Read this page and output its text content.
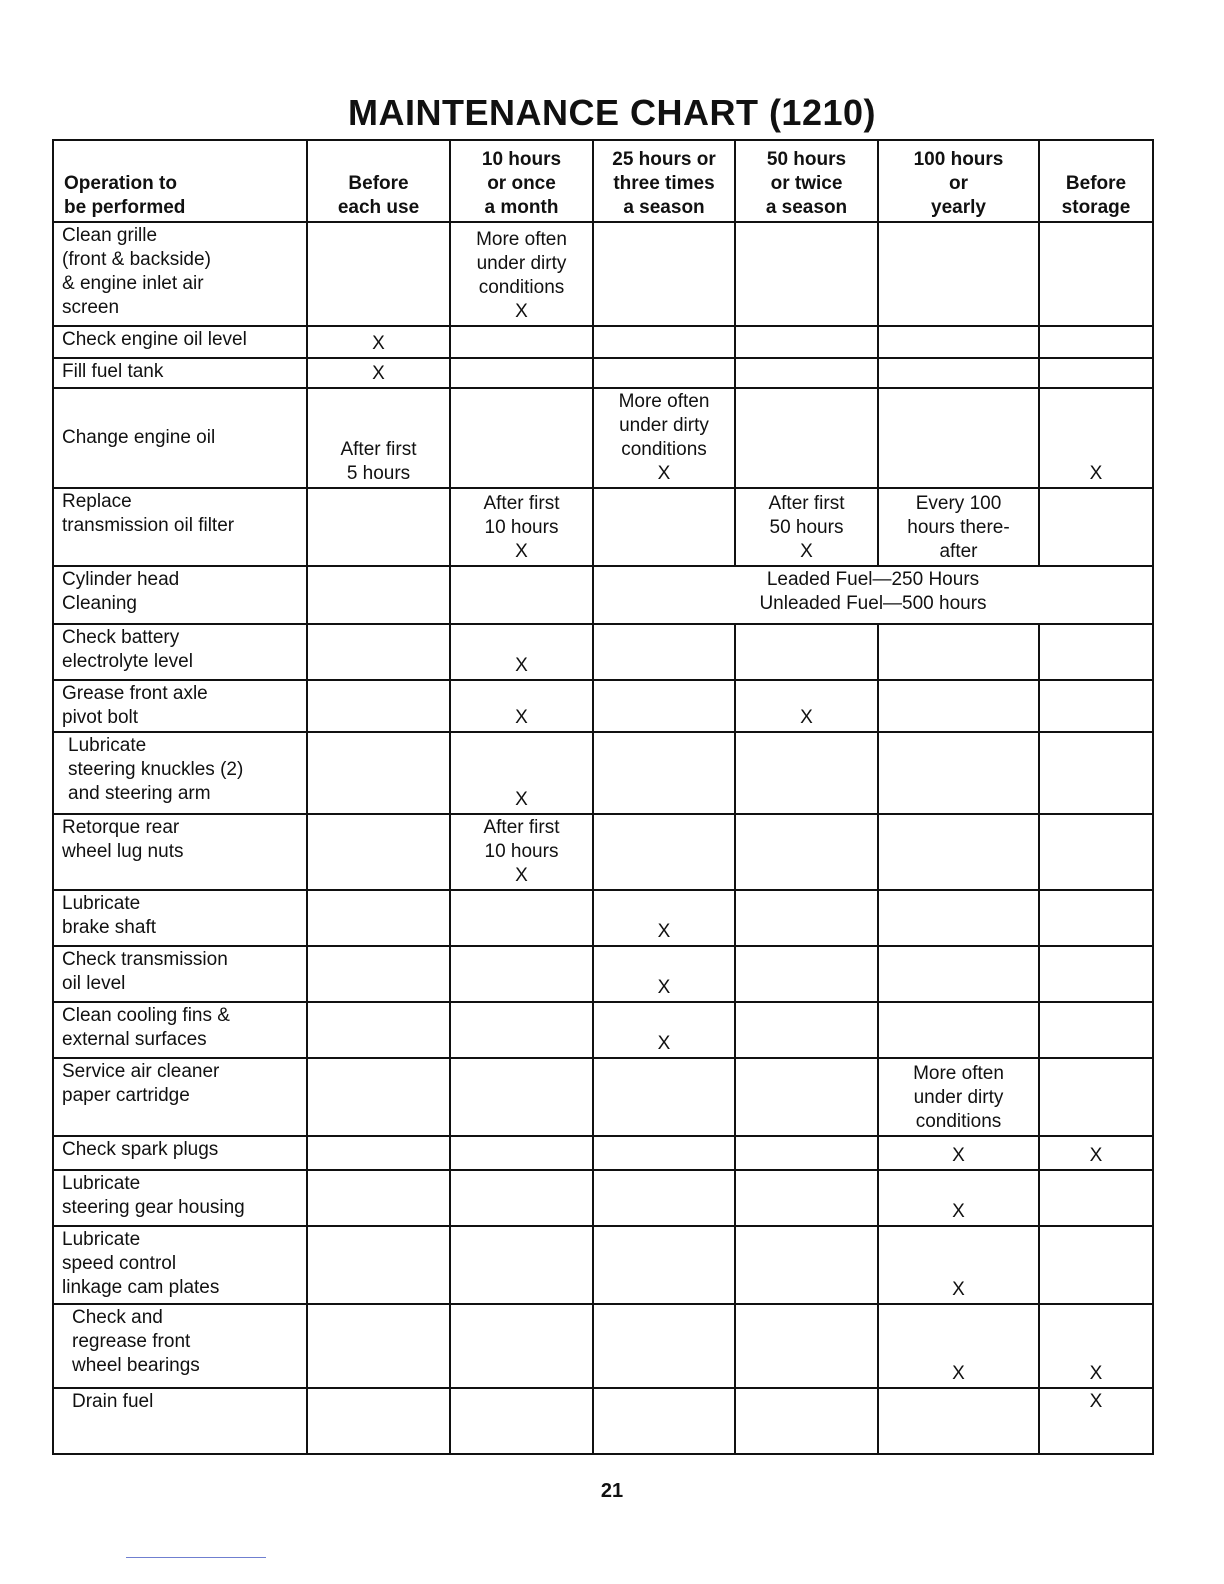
MAINTENANCE CHART (1210)
Operation to
be performed	Before
each use	10 hours
or once
a month	25 hours or
three times
a season	50 hours
or twice
a season	100 hours
or
yearly	Before
storage
Clean grille
(front & backside)
& engine inlet air
screen		More often
under dirty
conditions
X				
Check engine oil level	X					
Fill fuel tank	X					
Change engine oil	After first
5 hours		More often
under dirty
conditions
X			X
Replace
transmission oil filter		After first
10 hours
X		After first
50 hours
X	Every 100
hours there-
after	
Cylinder head
Cleaning			Leaded Fuel—250 Hours
Unleaded Fuel—500 hours			
Check battery
electrolyte level		X				
Grease front axle
pivot bolt		X		X		
Lubricate
steering knuckles (2)
and steering arm		X				
Retorque rear
wheel lug nuts		After first
10 hours
X				
Lubricate
brake shaft			X			
Check transmission
oil level			X			
Clean cooling fins &
external surfaces			X			
Service air cleaner
paper cartridge					More often
under dirty
conditions	
Check spark plugs					X	X
Lubricate
steering gear housing					X	
Lubricate
speed control
linkage cam plates					X	
Check and
regrease front
wheel bearings					X	X
Drain fuel						X
21
